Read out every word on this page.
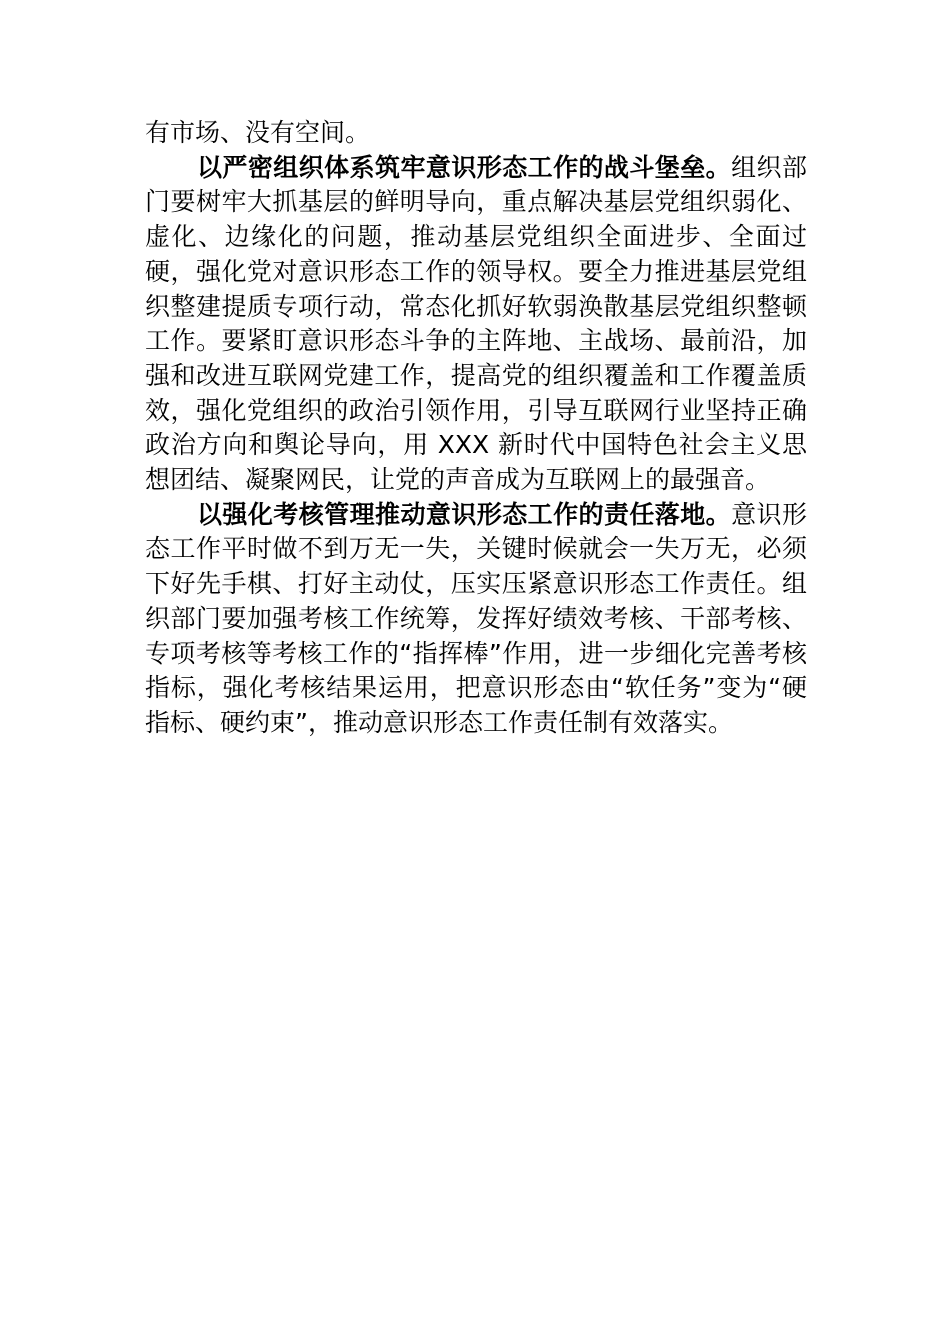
有市场、没有空间。

以严密组织体系筑牢意识形态工作的战斗堡垒。组织部门要树牢大抓基层的鲜明导向，重点解决基层党组织弱化、虚化、边缘化的问题，推动基层党组织全面进步、全面过硬，强化党对意识形态工作的领导权。要全力推进基层党组织整建提质专项行动，常态化抓好软弱涣散基层党组织整顿工作。要紧盯意识形态斗争的主阵地、主战场、最前沿，加强和改进互联网党建工作，提高党的组织覆盖和工作覆盖质效，强化党组织的政治引领作用，引导互联网行业坚持正确政治方向和舆论导向，用 XXX 新时代中国特色社会主义思想团结、凝聚网民，让党的声音成为互联网上的最强音。

以强化考核管理推动意识形态工作的责任落地。意识形态工作平时做不到万无一失，关键时候就会一失万无，必须下好先手棋、打好主动仗，压实压紧意识形态工作责任。组织部门要加强考核工作统筹，发挥好绩效考核、干部考核、专项考核等考核工作的“指挥棒”作用，进一步细化完善考核指标，强化考核结果运用，把意识形态由“软任务”变为“硬指标、硬约束”，推动意识形态工作责任制有效落实。
